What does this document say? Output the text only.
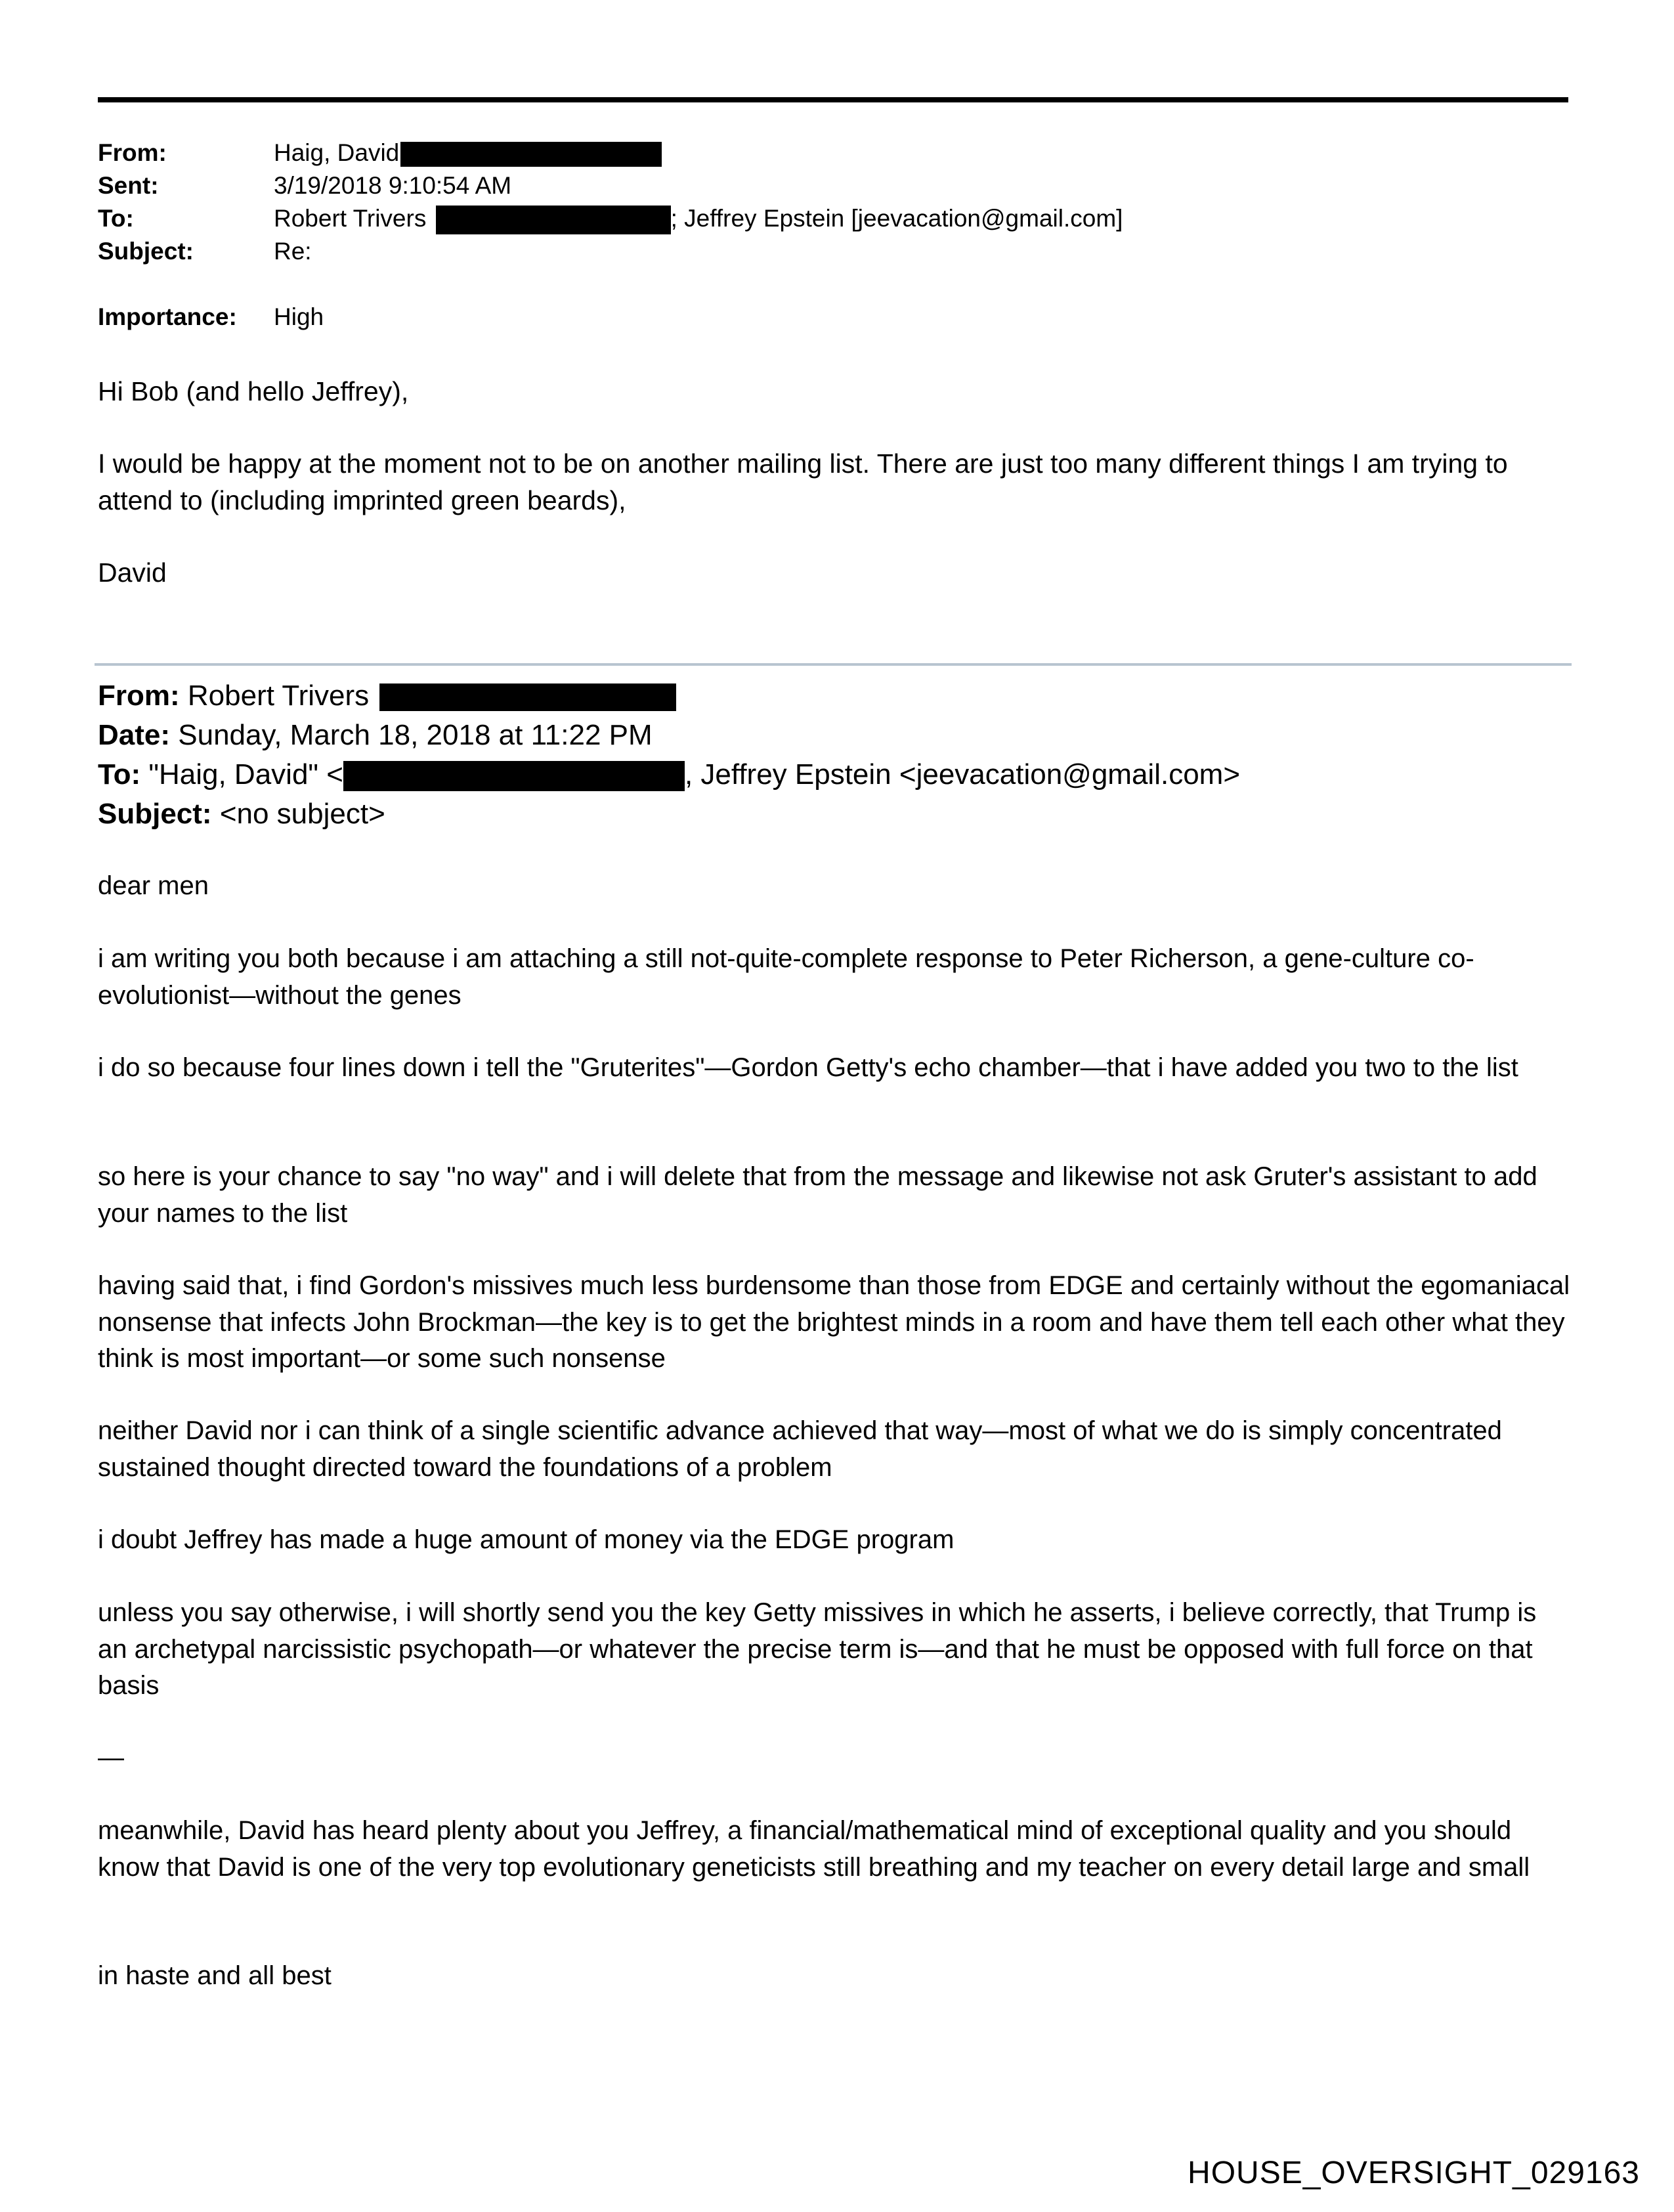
From:	Haig, David
Sent:	3/19/2018 9:10:54 AM
To:	Robert Trivers	; Jeffrey Epstein [jeevacation@gmail.com]
Subject:	Re:
Importance: High
Hi Bob (and hello Jeffrey),
I would be happy at the moment not to be on another mailing list. There are just too many different things I am trying to attend to (including imprinted green beards),
David
From: Robert Trivers
Date: Sunday, March 18, 2018 at 11:22 PM
To: "Haig, David" <	, Jeffrey Epstein <jeevacation@gmail.com>
Subject: <no subject>
dear men
i am writing you both because i am attaching a still not-quite-complete response to Peter Richerson, a gene-culture co-evolutionist—without the genes
i do so because four lines down i tell the "Gruterites"—Gordon Getty's echo chamber—that i have added you two to the list
so here is your chance to say "no way" and i will delete that from the message and likewise not ask Gruter's assistant to add your names to the list
having said that, i find Gordon's missives much less burdensome than those from EDGE and certainly without the egomaniacal nonsense that infects John Brockman—the key is to get the brightest minds in a room and have them tell each other what they think is most important—or some such nonsense
neither David nor i can think of a single scientific advance achieved that way—most of what we do is simply concentrated sustained thought directed toward the foundations of a problem
i doubt Jeffrey has made a huge amount of money via the EDGE program
unless you say otherwise, i will shortly send you the key Getty missives in which he asserts, i believe correctly, that Trump is an archetypal narcissistic psychopath—or whatever the precise term is—and that he must be opposed with full force on that basis
—
meanwhile, David has heard plenty about you Jeffrey, a financial/mathematical mind of exceptional quality and you should know that David is one of the very top evolutionary geneticists still breathing and my teacher on every detail large and small
in haste and all best
HOUSE_OVERSIGHT_029163
